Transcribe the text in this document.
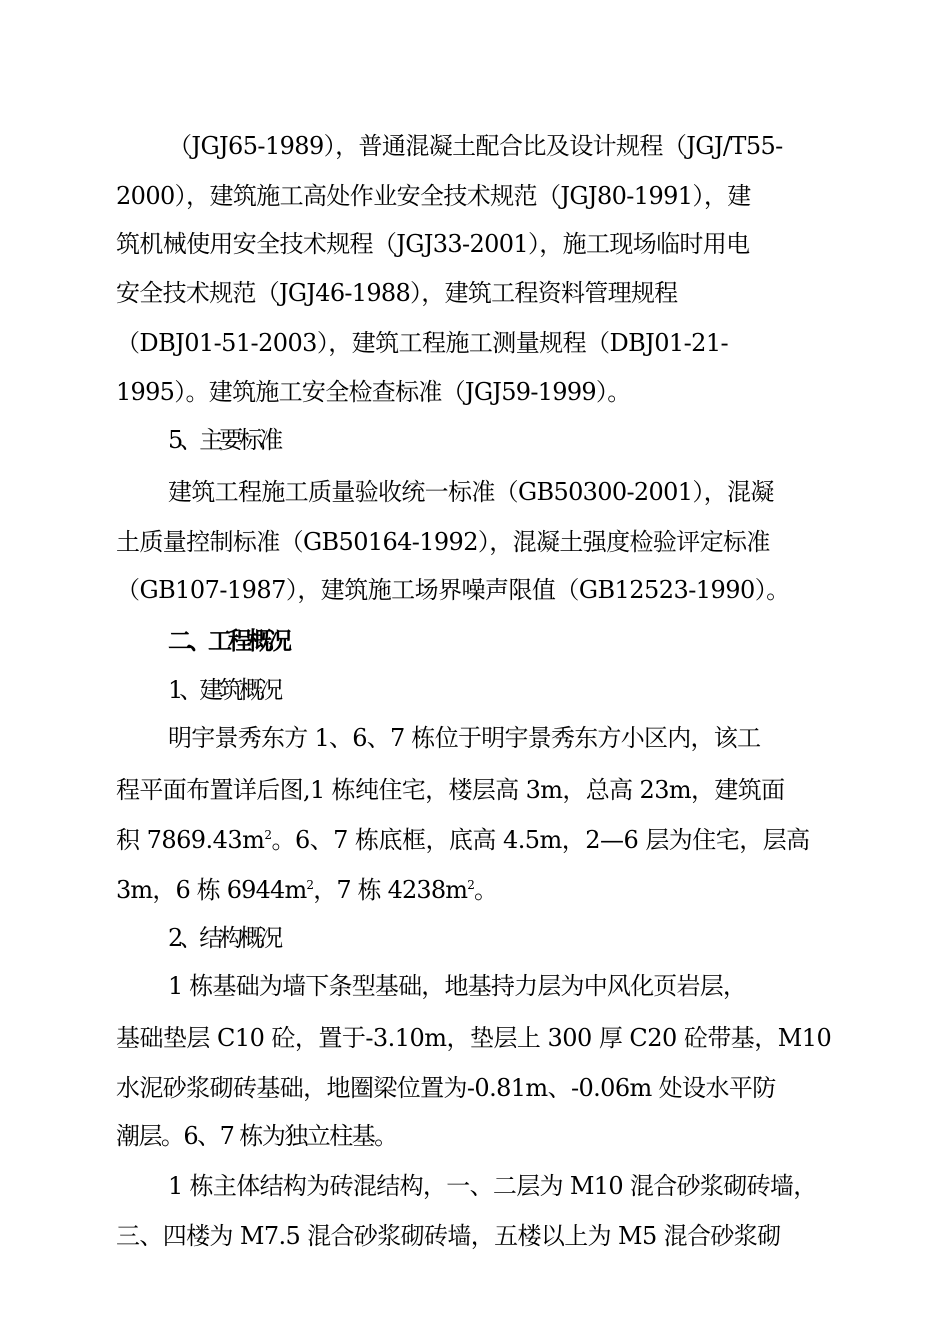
（JGJ65-1989），普通混凝土配合比及设计规程（JGJ/T55-
2000），建筑施工高处作业安全技术规范（JGJ80-1991），建
筑机械使用安全技术规程（JGJ33-2001），施工现场临时用电
安全技术规范（JGJ46-1988），建筑工程资料管理规程
（DBJ01-51-2003），建筑工程施工测量规程（DBJ01-21-
1995）。建筑施工安全检查标准（JGJ59-1999）。
5、主要标准
建筑工程施工质量验收统一标准（GB50300-2001），混凝
土质量控制标准（GB50164-1992），混凝土强度检验评定标准
（GB107-1987），建筑施工场界噪声限值（GB12523-1990）。
二、工程概况
1、建筑概况
明宇景秀东方 1、6、7 栋位于明宇景秀东方小区内，该工
程平面布置详后图,1 栋纯住宅，楼层高 3m，总高 23m，建筑面
积 $7869.43m^2$。6、7 栋底框，底高 4.5m，2—6 层为住宅，层高
3m，6 栋 $6944m^2$，7 栋 $4238m^2$。
2、结构概况
1 栋基础为墙下条型基础，地基持力层为中风化页岩层，
基础垫层 C10 砼，置于-3.10m，垫层上 300 厚 C20 砼带基，M10
水泥砂浆砌砖基础，地圈梁位置为-0.81m、-0.06m 处设水平防
潮层。6、7 栋为独立柱基。
1 栋主体结构为砖混结构，一、二层为 M10 混合砂浆砌砖墙，
三、四楼为 M7.5 混合砂浆砌砖墙，五楼以上为 M5 混合砂浆砌
